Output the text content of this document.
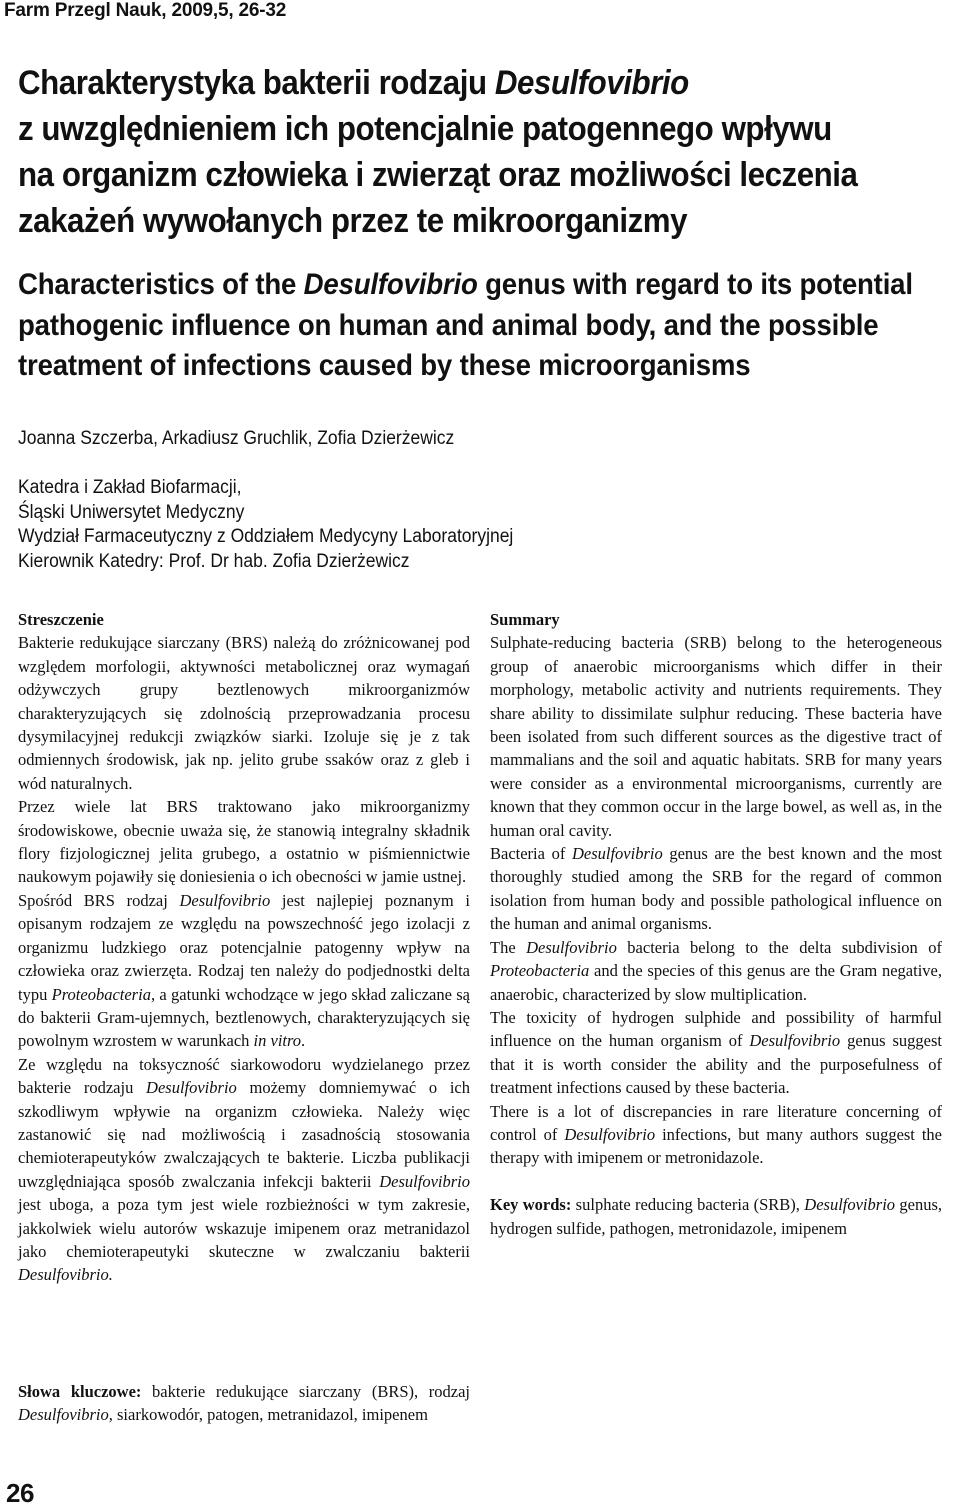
Farm Przegl Nauk, 2009,5, 26-32
Charakterystyka bakterii rodzaju Desulfovibrio
z uwzględnieniem ich potencjalnie patogennego wpływu
na organizm człowieka i zwierząt oraz możliwości leczenia
zakażeń wywołanych przez te mikroorganizmy
Characteristics of the Desulfovibrio genus with regard to its potential
pathogenic influence on human and animal body, and the possible
treatment of infections caused by these microorganisms
Joanna Szczerba, Arkadiusz Gruchlik, Zofia Dzierżewicz
Katedra i Zakład Biofarmacji,
Śląski Uniwersytet Medyczny
Wydział Farmaceutyczny z Oddziałem Medycyny Laboratoryjnej
Kierownik Katedry: Prof. Dr hab. Zofia Dzierżewicz

Streszczenie

Bakterie redukujące siarczany (BRS) należą do zróżnicowanej pod względem morfologii, aktywności metabolicznej oraz wymagań odżywczych grupy beztlenowych mikroorganizmów charakteryzujących się zdolnością przeprowadzania procesu dysymilacyjnej redukcji związków siarki. Izoluje się je z tak odmiennych środowisk, jak np. jelito grube ssaków oraz z gleb i wód naturalnych.

Przez wiele lat BRS traktowano jako mikroorganizmy środowiskowe, obecnie uważa się, że stanowią integralny składnik flory fizjologicznej jelita grubego, a ostatnio w piśmiennictwie naukowym pojawiły się doniesienia o ich obecności w jamie ustnej.

Spośród BRS rodzaj Desulfovibrio jest najlepiej poznanym i opisanym rodzajem ze względu na powszechność jego izolacji z organizmu ludzkiego oraz potencjalnie patogenny wpływ na człowieka oraz zwierzęta. Rodzaj ten należy do podjednostki delta typu Proteobacteria, a gatunki wchodzące w jego skład zaliczane są do bakterii Gram-ujemnych, beztlenowych, charakteryzujących się powolnym wzrostem w warunkach in vitro.

Ze względu na toksyczność siarkowodoru wydzielanego przez bakterie rodzaju Desulfovibrio możemy domniemywać o ich szkodliwym wpływie na organizm człowieka. Należy więc zastanowić się nad możliwością i zasadnością stosowania chemioterapeutyków zwalczających te bakterie. Liczba publikacji uwzględniająca sposób zwalczania infekcji bakterii Desulfovibrio jest uboga, a poza tym jest wiele rozbieżności w tym zakresie, jakkolwiek wielu autorów wskazuje imipenem oraz metranidazol jako chemioterapeutyki skuteczne w zwalczaniu bakterii Desulfovibrio.

Słowa kluczowe: bakterie redukujące siarczany (BRS), rodzaj Desulfovibrio, siarkowodór, patogen, metranidazol, imipenem

Summary

Sulphate-reducing bacteria (SRB) belong to the heterogeneous group of anaerobic microorganisms which differ in their morphology, metabolic activity and nutrients requirements. They share ability to dissimilate sulphur reducing. These bacteria have been isolated from such different sources as the digestive tract of mammalians and the soil and aquatic habitats. SRB for many years were consider as a environmental microorganisms, currently are known that they common occur in the large bowel, as well as, in the human oral cavity.

Bacteria of Desulfovibrio genus are the best known and the most thoroughly studied among the SRB for the regard of common isolation from human body and possible pathological influence on the human and animal organisms.

The Desulfovibrio bacteria belong to the delta subdivision of Proteobacteria and the species of this genus are the Gram negative, anaerobic, characterized by slow multiplication.

The toxicity of hydrogen sulphide and possibility of harmful influence on the human organism of Desulfovibrio genus suggest that it is worth consider the ability and the purposefulness of treatment infections caused by these bacteria.

There is a lot of discrepancies in rare literature concerning of control of Desulfovibrio infections, but many authors suggest the therapy with imipenem or metronidazole.

Key words: sulphate reducing bacteria (SRB), Desulfovibrio genus, hydrogen sulfide, pathogen, metronidazole, imipenem

26
